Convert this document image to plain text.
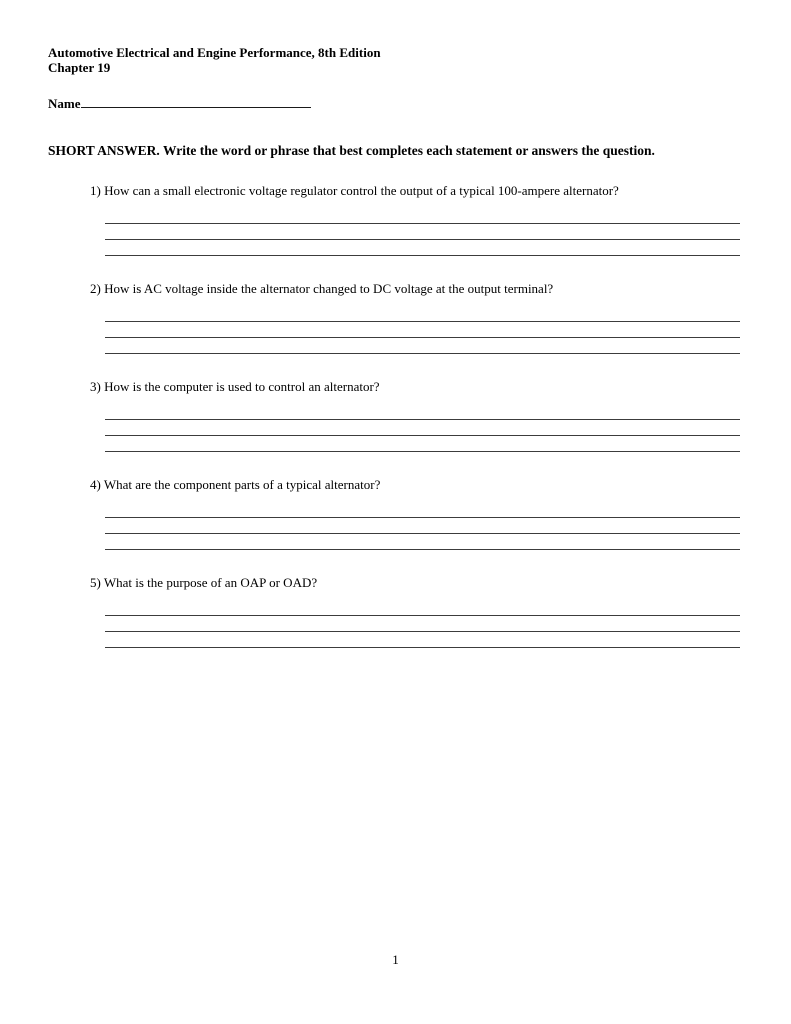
Automotive Electrical and Engine Performance, 8th Edition
Chapter 19
Name
SHORT ANSWER. Write the word or phrase that best completes each statement or answers the question.
1) How can a small electronic voltage regulator control the output of a typical 100-ampere alternator?
2) How is AC voltage inside the alternator changed to DC voltage at the output terminal?
3) How is the computer is used to control an alternator?
4) What are the component parts of a typical alternator?
5) What is the purpose of an OAP or OAD?
1
